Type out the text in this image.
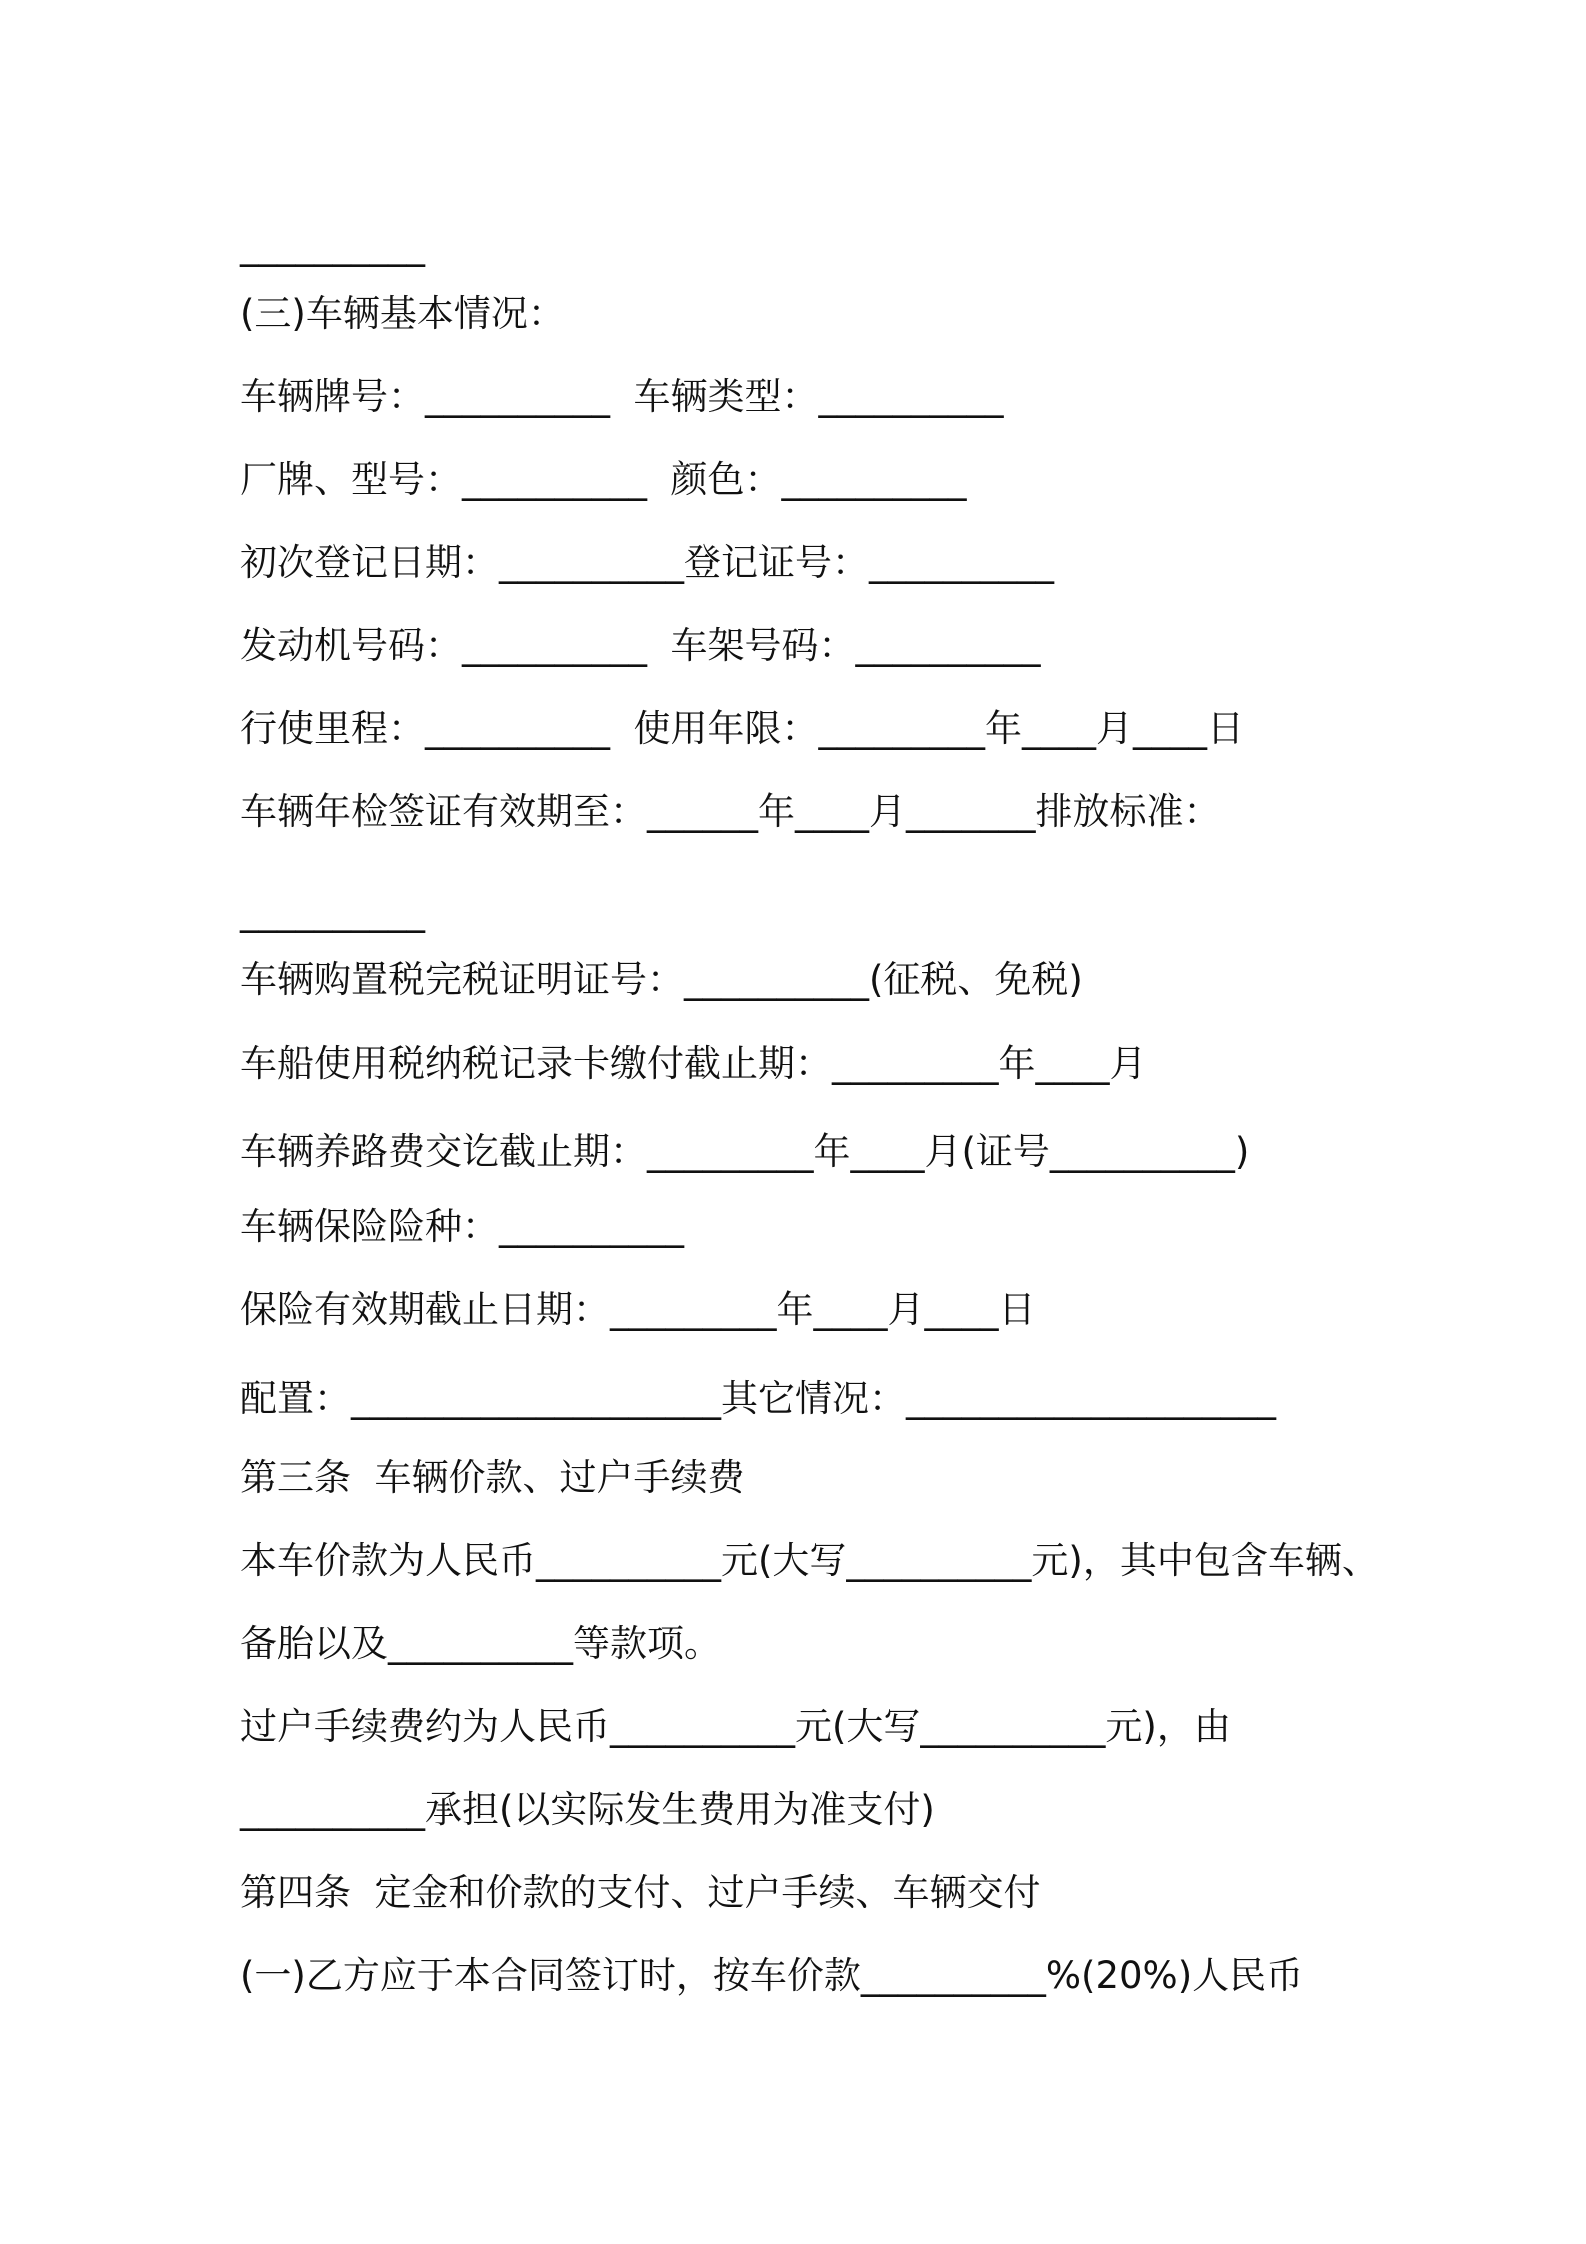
__________
(三)车辆基本情况：
车辆牌号：__________  车辆类型：__________
厂牌、型号：__________  颜色：__________
初次登记日期：__________登记证号：__________
发动机号码：__________  车架号码：__________
行使里程：__________  使用年限：_________年____月____日
车辆年检签证有效期至：______年____月_______排放标准：
__________
车辆购置税完税证明证号：__________(征税、免税)
车船使用税纳税记录卡缴付截止期：_________年____月
车辆养路费交讫截止期：_________年____月(证号__________)
车辆保险险种：__________
保险有效期截止日期：_________年____月____日
配置：____________________其它情况：____________________
第三条  车辆价款、过户手续费
本车价款为人民币__________元(大写__________元)，其中包含车辆、
备胎以及__________等款项。
过户手续费约为人民币__________元(大写__________元)，由
__________承担(以实际发生费用为准支付)
第四条  定金和价款的支付、过户手续、车辆交付
(一)乙方应于本合同签订时，按车价款__________%(20%)人民币
